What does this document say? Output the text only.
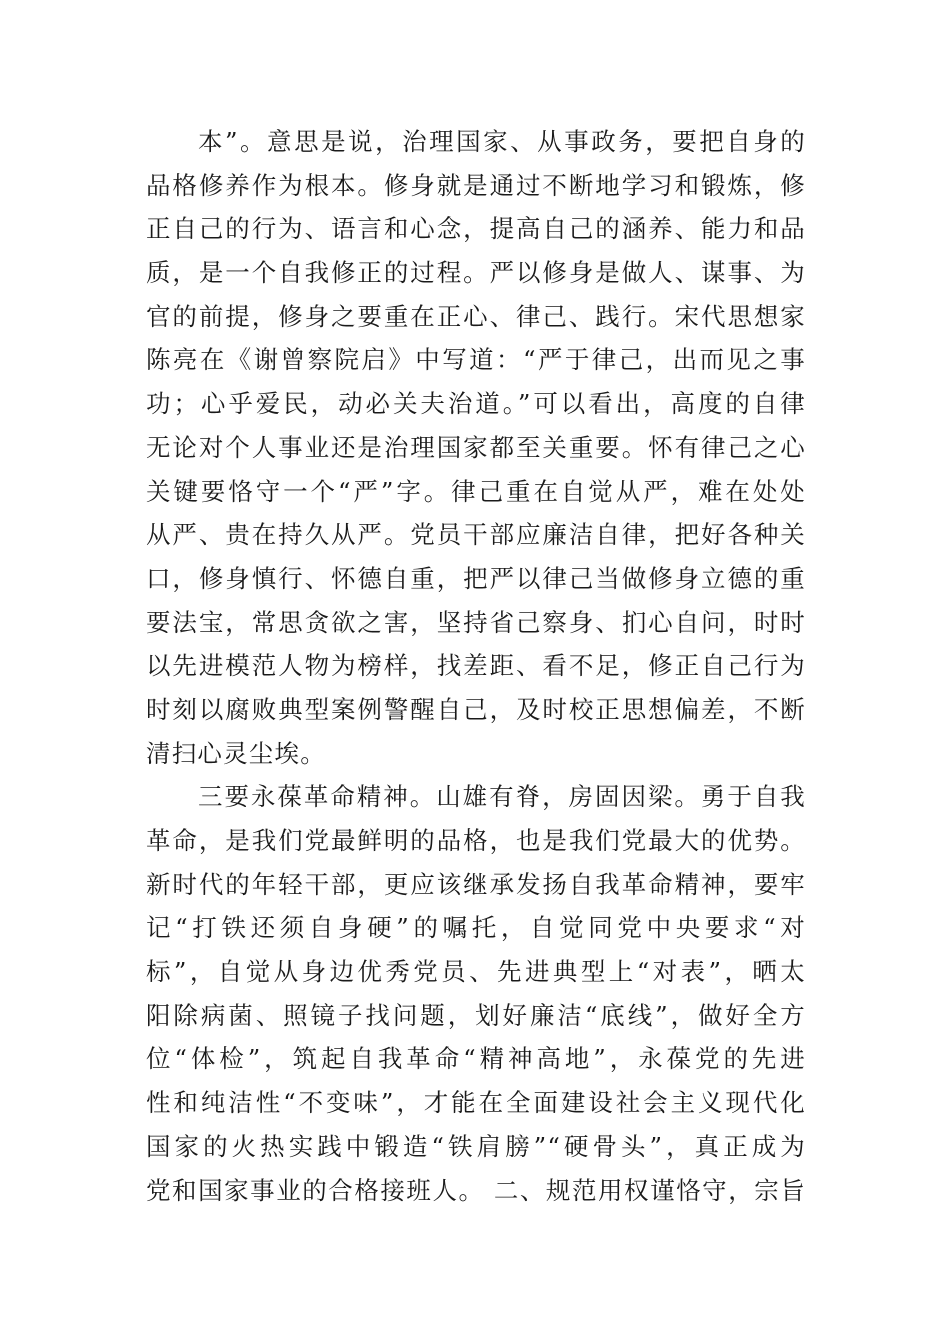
本”。意思是说，治理国家、从事政务，要把自身的
品格修养作为根本。修身就是通过不断地学习和锻炼，修
正自己的行为、语言和心念，提高自己的涵养、能力和品
质，是一个自我修正的过程。严以修身是做人、谋事、为
官的前提，修身之要重在正心、律己、践行。宋代思想家
陈亮在《谢曾察院启》中写道：“严于律己，出而见之事
功；心乎爱民，动必关夫治道。”可以看出，高度的自律
无论对个人事业还是治理国家都至关重要。怀有律己之心
关键要恪守一个“严”字。律己重在自觉从严，难在处处
从严、贵在持久从严。党员干部应廉洁自律，把好各种关
口，修身慎行、怀德自重，把严以律己当做修身立德的重
要法宝，常思贪欲之害，坚持省己察身、扪心自问，时时
以先进模范人物为榜样，找差距、看不足，修正自己行为
时刻以腐败典型案例警醒自己，及时校正思想偏差，不断
清扫心灵尘埃。
三要永葆革命精神。山雄有脊，房固因梁。勇于自我
革命，是我们党最鲜明的品格，也是我们党最大的优势。
新时代的年轻干部，更应该继承发扬自我革命精神，要牢
记“打铁还须自身硬”的嘱托，自觉同党中央要求“对
标”，自觉从身边优秀党员、先进典型上“对表”，晒太
阳除病菌、照镜子找问题，划好廉洁“底线”，做好全方
位“体检”，筑起自我革命“精神高地”，永葆党的先进
性和纯洁性“不变味”，才能在全面建设社会主义现代化
国家的火热实践中锻造“铁肩膀”“硬骨头”，真正成为
党和国家事业的合格接班人。 二、规范用权谨恪守，宗旨
